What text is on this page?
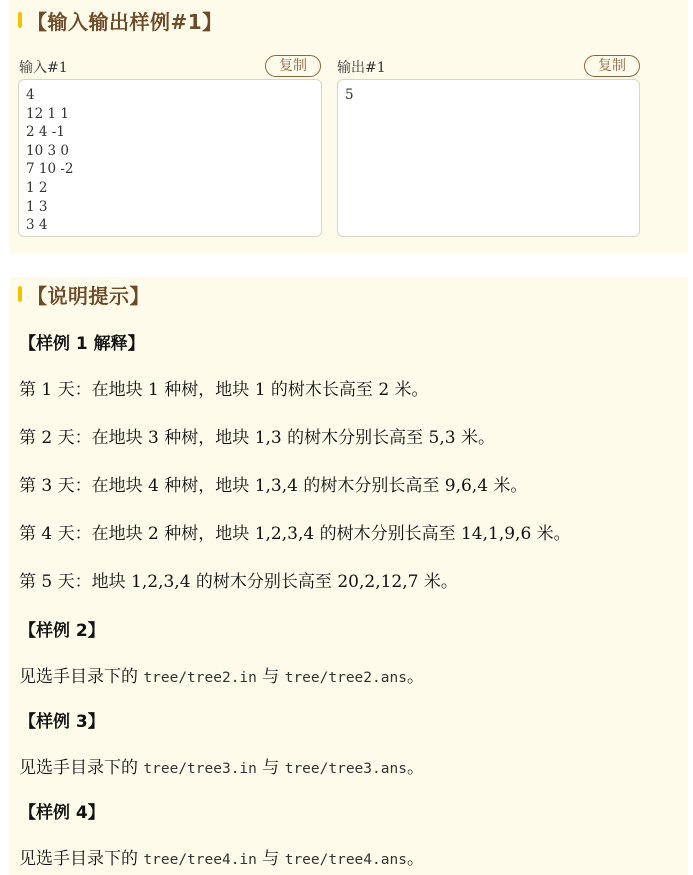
【输入输出样例#1】
输入#1	复制	输出#1	复制
4
12 1 1
2 4 -1
10 3 0
7 10 -2
1 2
1 3
3 4
5
【说明提示】
【样例 1 解释】
第 1 天：在地块 1 种树，地块 1 的树木长高至 2 米。
第 2 天：在地块 3 种树，地块 1,3 的树木分别长高至 5,3 米。
第 3 天：在地块 4 种树，地块 1,3,4 的树木分别长高至 9,6,4 米。
第 4 天：在地块 2 种树，地块 1,2,3,4 的树木分别长高至 14,1,9,6 米。
第 5 天：地块 1,2,3,4 的树木分别长高至 20,2,12,7 米。
【样例 2】
见选手目录下的 tree/tree2.in 与 tree/tree2.ans。
【样例 3】
见选手目录下的 tree/tree3.in 与 tree/tree3.ans。
【样例 4】
见选手目录下的 tree/tree4.in 与 tree/tree4.ans。
